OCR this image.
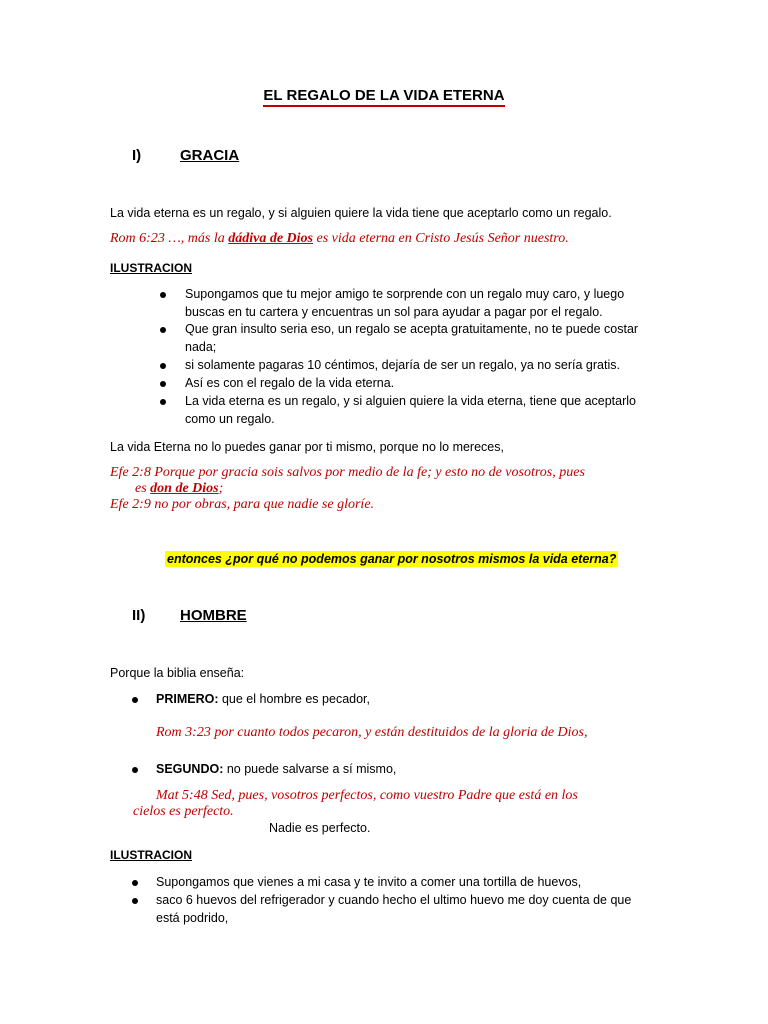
EL REGALO DE LA VIDA ETERNA
I)	GRACIA
La vida eterna es un regalo, y si alguien quiere la vida tiene que aceptarlo como un regalo.
Rom 6:23 …, más la dádiva de Dios es vida eterna en Cristo Jesús Señor nuestro.
ILUSTRACION
Supongamos que tu mejor amigo te sorprende con un regalo muy caro, y luego
buscas en tu cartera y encuentras un sol para ayudar a pagar por el regalo.
Que gran insulto seria eso, un regalo se acepta gratuitamente, no te puede costar
nada;
si solamente pagaras 10 céntimos, dejaría de ser un regalo, ya no sería gratis.
Así es con el regalo de la vida eterna.
La vida eterna es un regalo, y si alguien quiere la vida eterna, tiene que aceptarlo
como un regalo.
La vida Eterna no lo puedes ganar por ti mismo, porque no lo mereces,
Efe 2:8 Porque por gracia sois salvos por medio de la fe; y esto no de vosotros, pues
es don de Dios;
Efe 2:9 no por obras, para que nadie se gloríe.
entonces ¿por qué no podemos ganar por nosotros mismos la vida eterna?
II) HOMBRE
Porque la biblia enseña:
PRIMERO: que el hombre es pecador,
Rom 3:23 por cuanto todos pecaron, y están destituidos de la gloria de Dios,
SEGUNDO: no puede salvarse a sí mismo,
Mat 5:48 Sed, pues, vosotros perfectos, como vuestro Padre que está en los
cielos es perfecto.
Nadie es perfecto.
ILUSTRACION
Supongamos que vienes a mi casa y te invito a comer una tortilla de huevos,
saco 6 huevos del refrigerador y cuando hecho el ultimo huevo me doy cuenta de que
está podrido,
